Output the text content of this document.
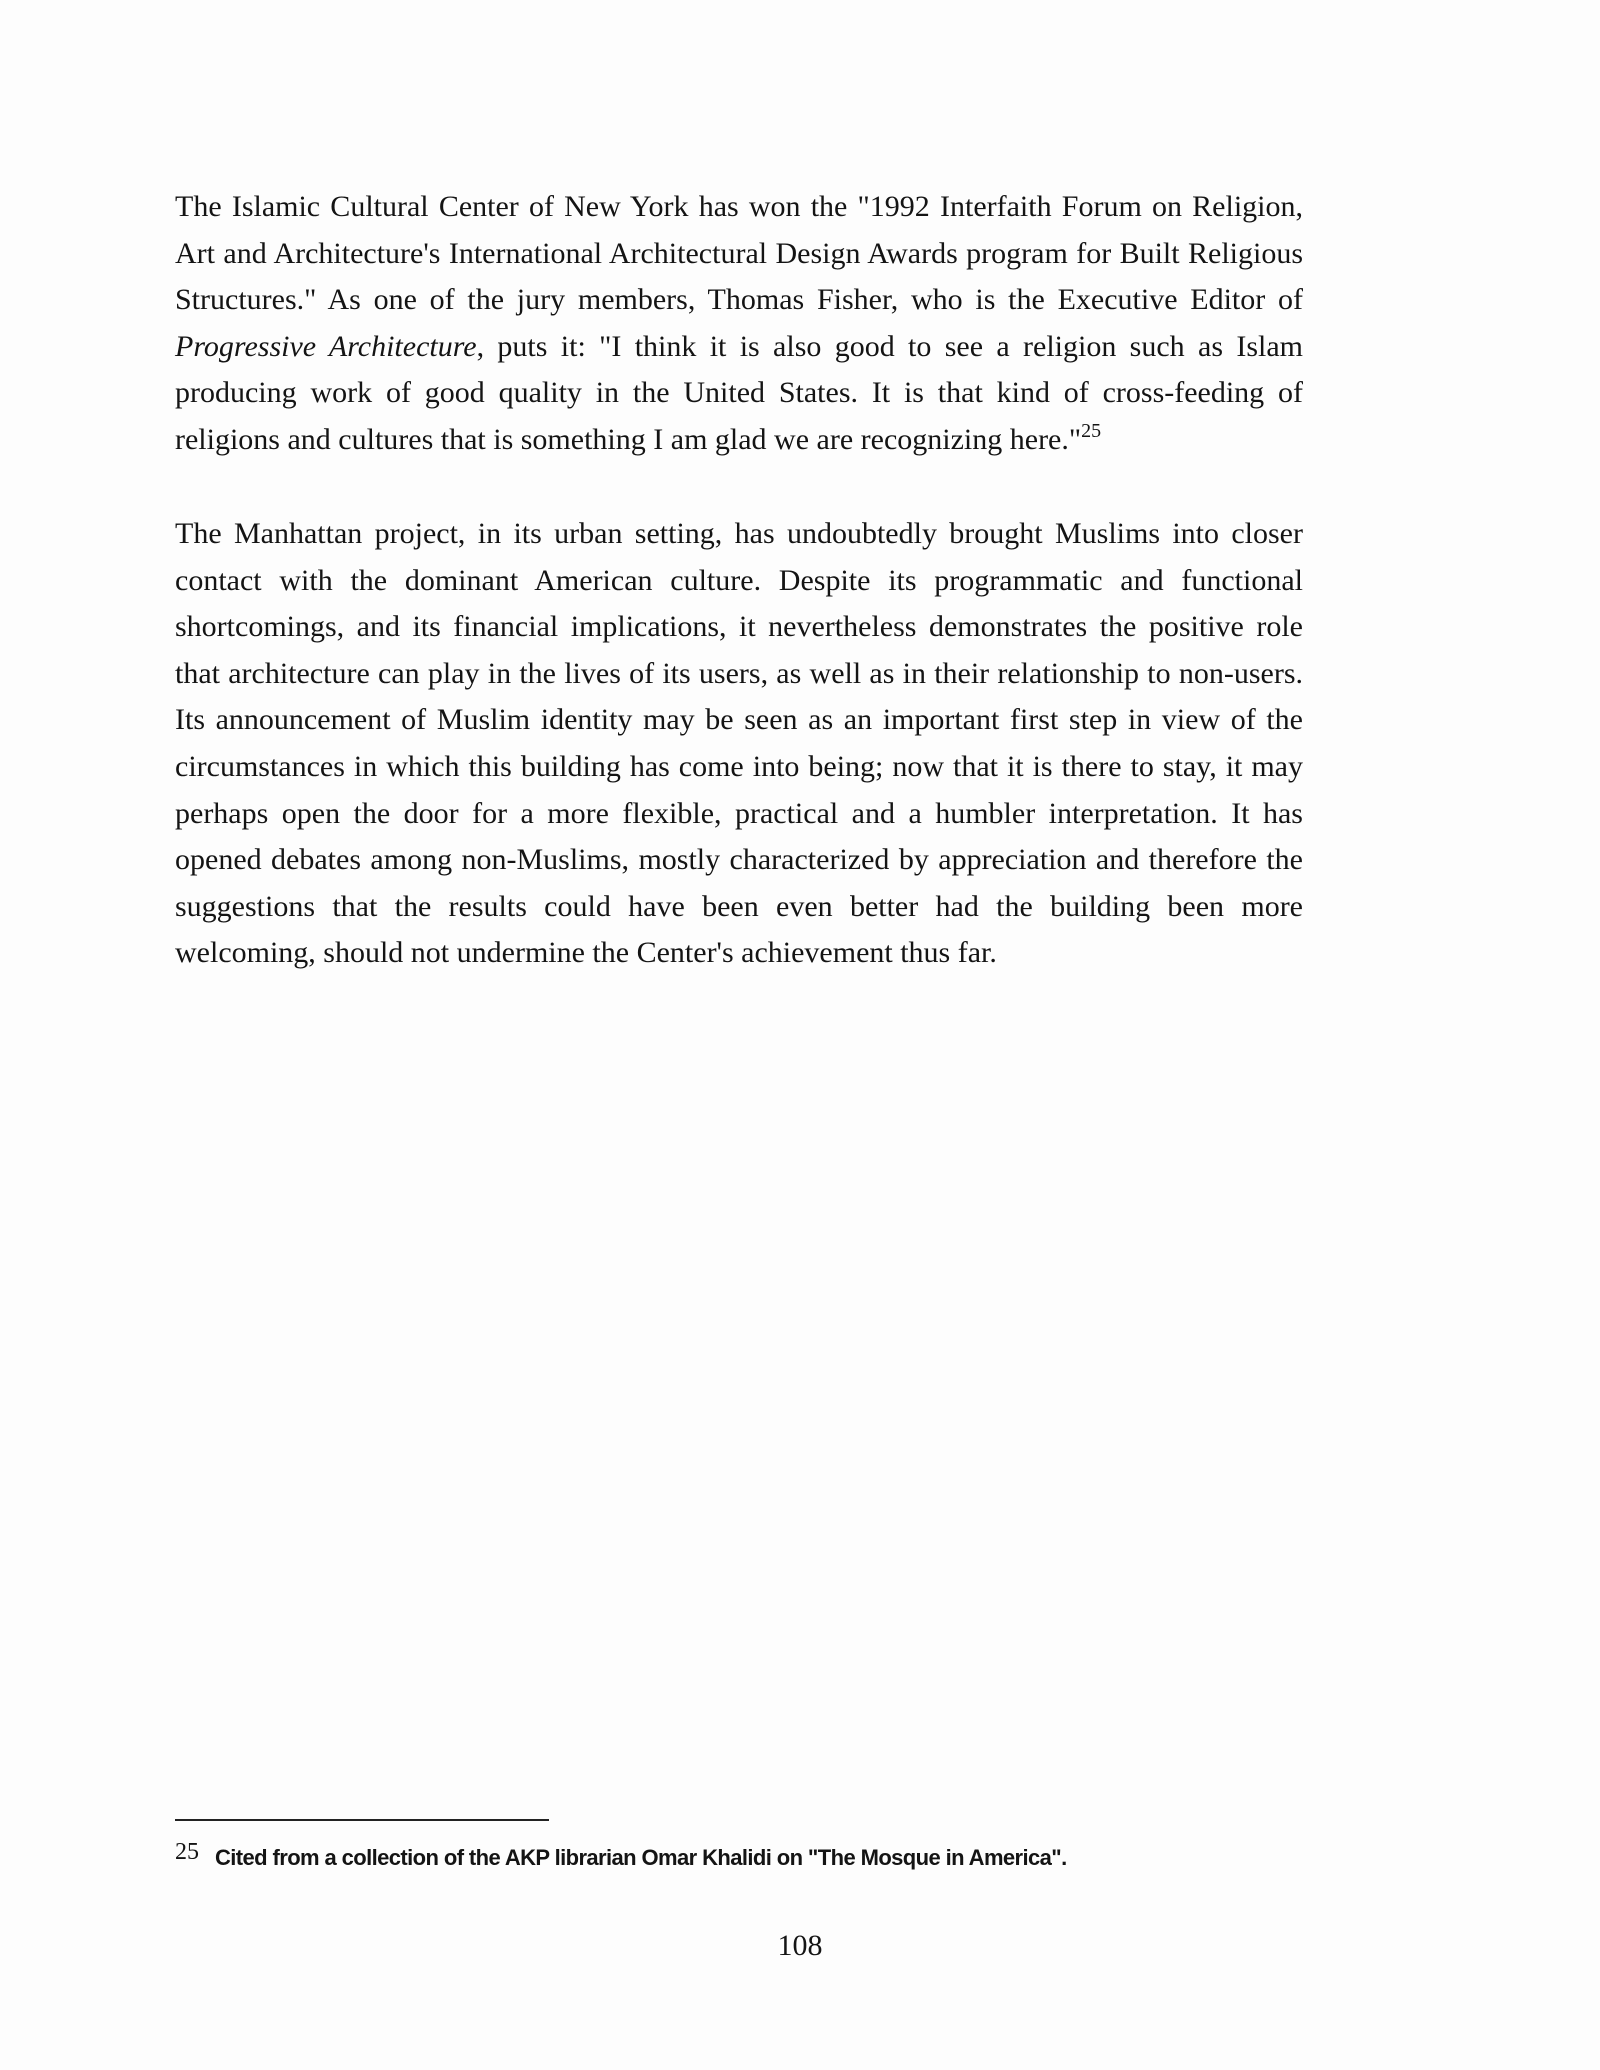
The Islamic Cultural Center of New York has won the "1992 Interfaith Forum on Religion, Art and Architecture's International Architectural Design Awards program for Built Religious Structures." As one of the jury members, Thomas Fisher, who is the Executive Editor of Progressive Architecture, puts it: "I think it is also good to see a religion such as Islam producing work of good quality in the United States. It is that kind of cross-feeding of religions and cultures that is something I am glad we are recognizing here."$^{25}$

The Manhattan project, in its urban setting, has undoubtedly brought Muslims into closer contact with the dominant American culture. Despite its programmatic and functional shortcomings, and its financial implications, it nevertheless demonstrates the positive role that architecture can play in the lives of its users, as well as in their relationship to non-users. Its announcement of Muslim identity may be seen as an important first step in view of the circumstances in which this building has come into being; now that it is there to stay, it may perhaps open the door for a more flexible, practical and a humbler interpretation. It has opened debates among non-Muslims, mostly characterized by appreciation and therefore the suggestions that the results could have been even better had the building been more welcoming, should not undermine the Center's achievement thus far.

25 Cited from a collection of the AKP librarian Omar Khalidi on "The Mosque in America".

108
